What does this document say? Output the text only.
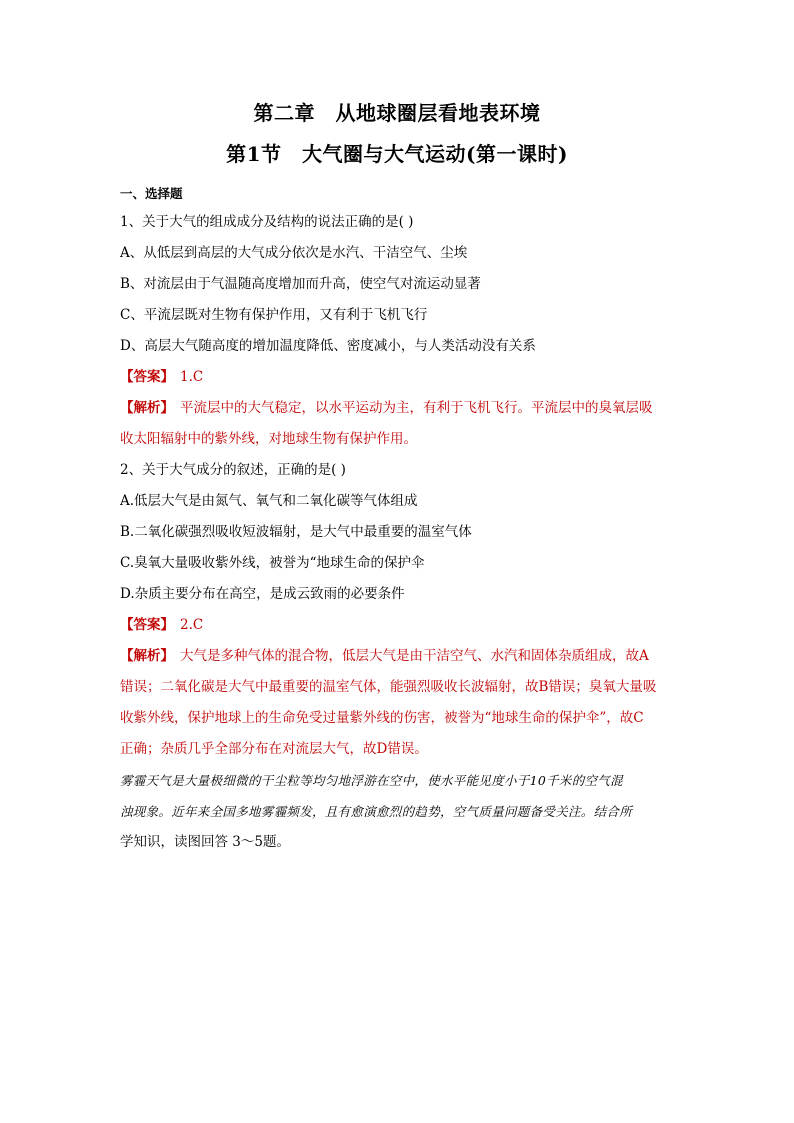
第二章　从地球圈层看地表环境
第1节　大气圈与大气运动(第一课时)
一、选择题
1、关于大气的组成成分及结构的说法正确的是( )
A、从低层到高层的大气成分依次是水汽、干洁空气、尘埃
B、对流层由于气温随高度增加而升高，使空气对流运动显著
C、平流层既对生物有保护作用，又有利于飞机飞行
D、高层大气随高度的增加温度降低、密度减小，与人类活动没有关系
【答案】 1.C
【解析】 平流层中的大气稳定，以水平运动为主，有利于飞机飞行。平流层中的臭氧层吸
收太阳辐射中的紫外线，对地球生物有保护作用。
2、关于大气成分的叙述，正确的是( )
A.低层大气是由氮气、氧气和二氧化碳等气体组成
B.二氧化碳强烈吸收短波辐射，是大气中最重要的温室气体
C.臭氧大量吸收紫外线，被誉为“地球生命的保护伞
D.杂质主要分布在高空，是成云致雨的必要条件
【答案】 2.C
【解析】 大气是多种气体的混合物，低层大气是由干洁空气、水汽和固体杂质组成，故A
错误；二氧化碳是大气中最重要的温室气体，能强烈吸收长波辐射，故B错误；臭氧大量吸
收紫外线，保护地球上的生命免受过量紫外线的伤害，被誉为“地球生命的保护伞”，故C
正确；杂质几乎全部分布在对流层大气，故D错误。
雾霾天气是大量极细微的干尘粒等均匀地浮游在空中，使水平能见度小于10千米的空气混
浊现象。近年来全国多地雾霾频发，且有愈演愈烈的趋势，空气质量问题备受关注。结合所
学知识，读图回答 3～5题。
